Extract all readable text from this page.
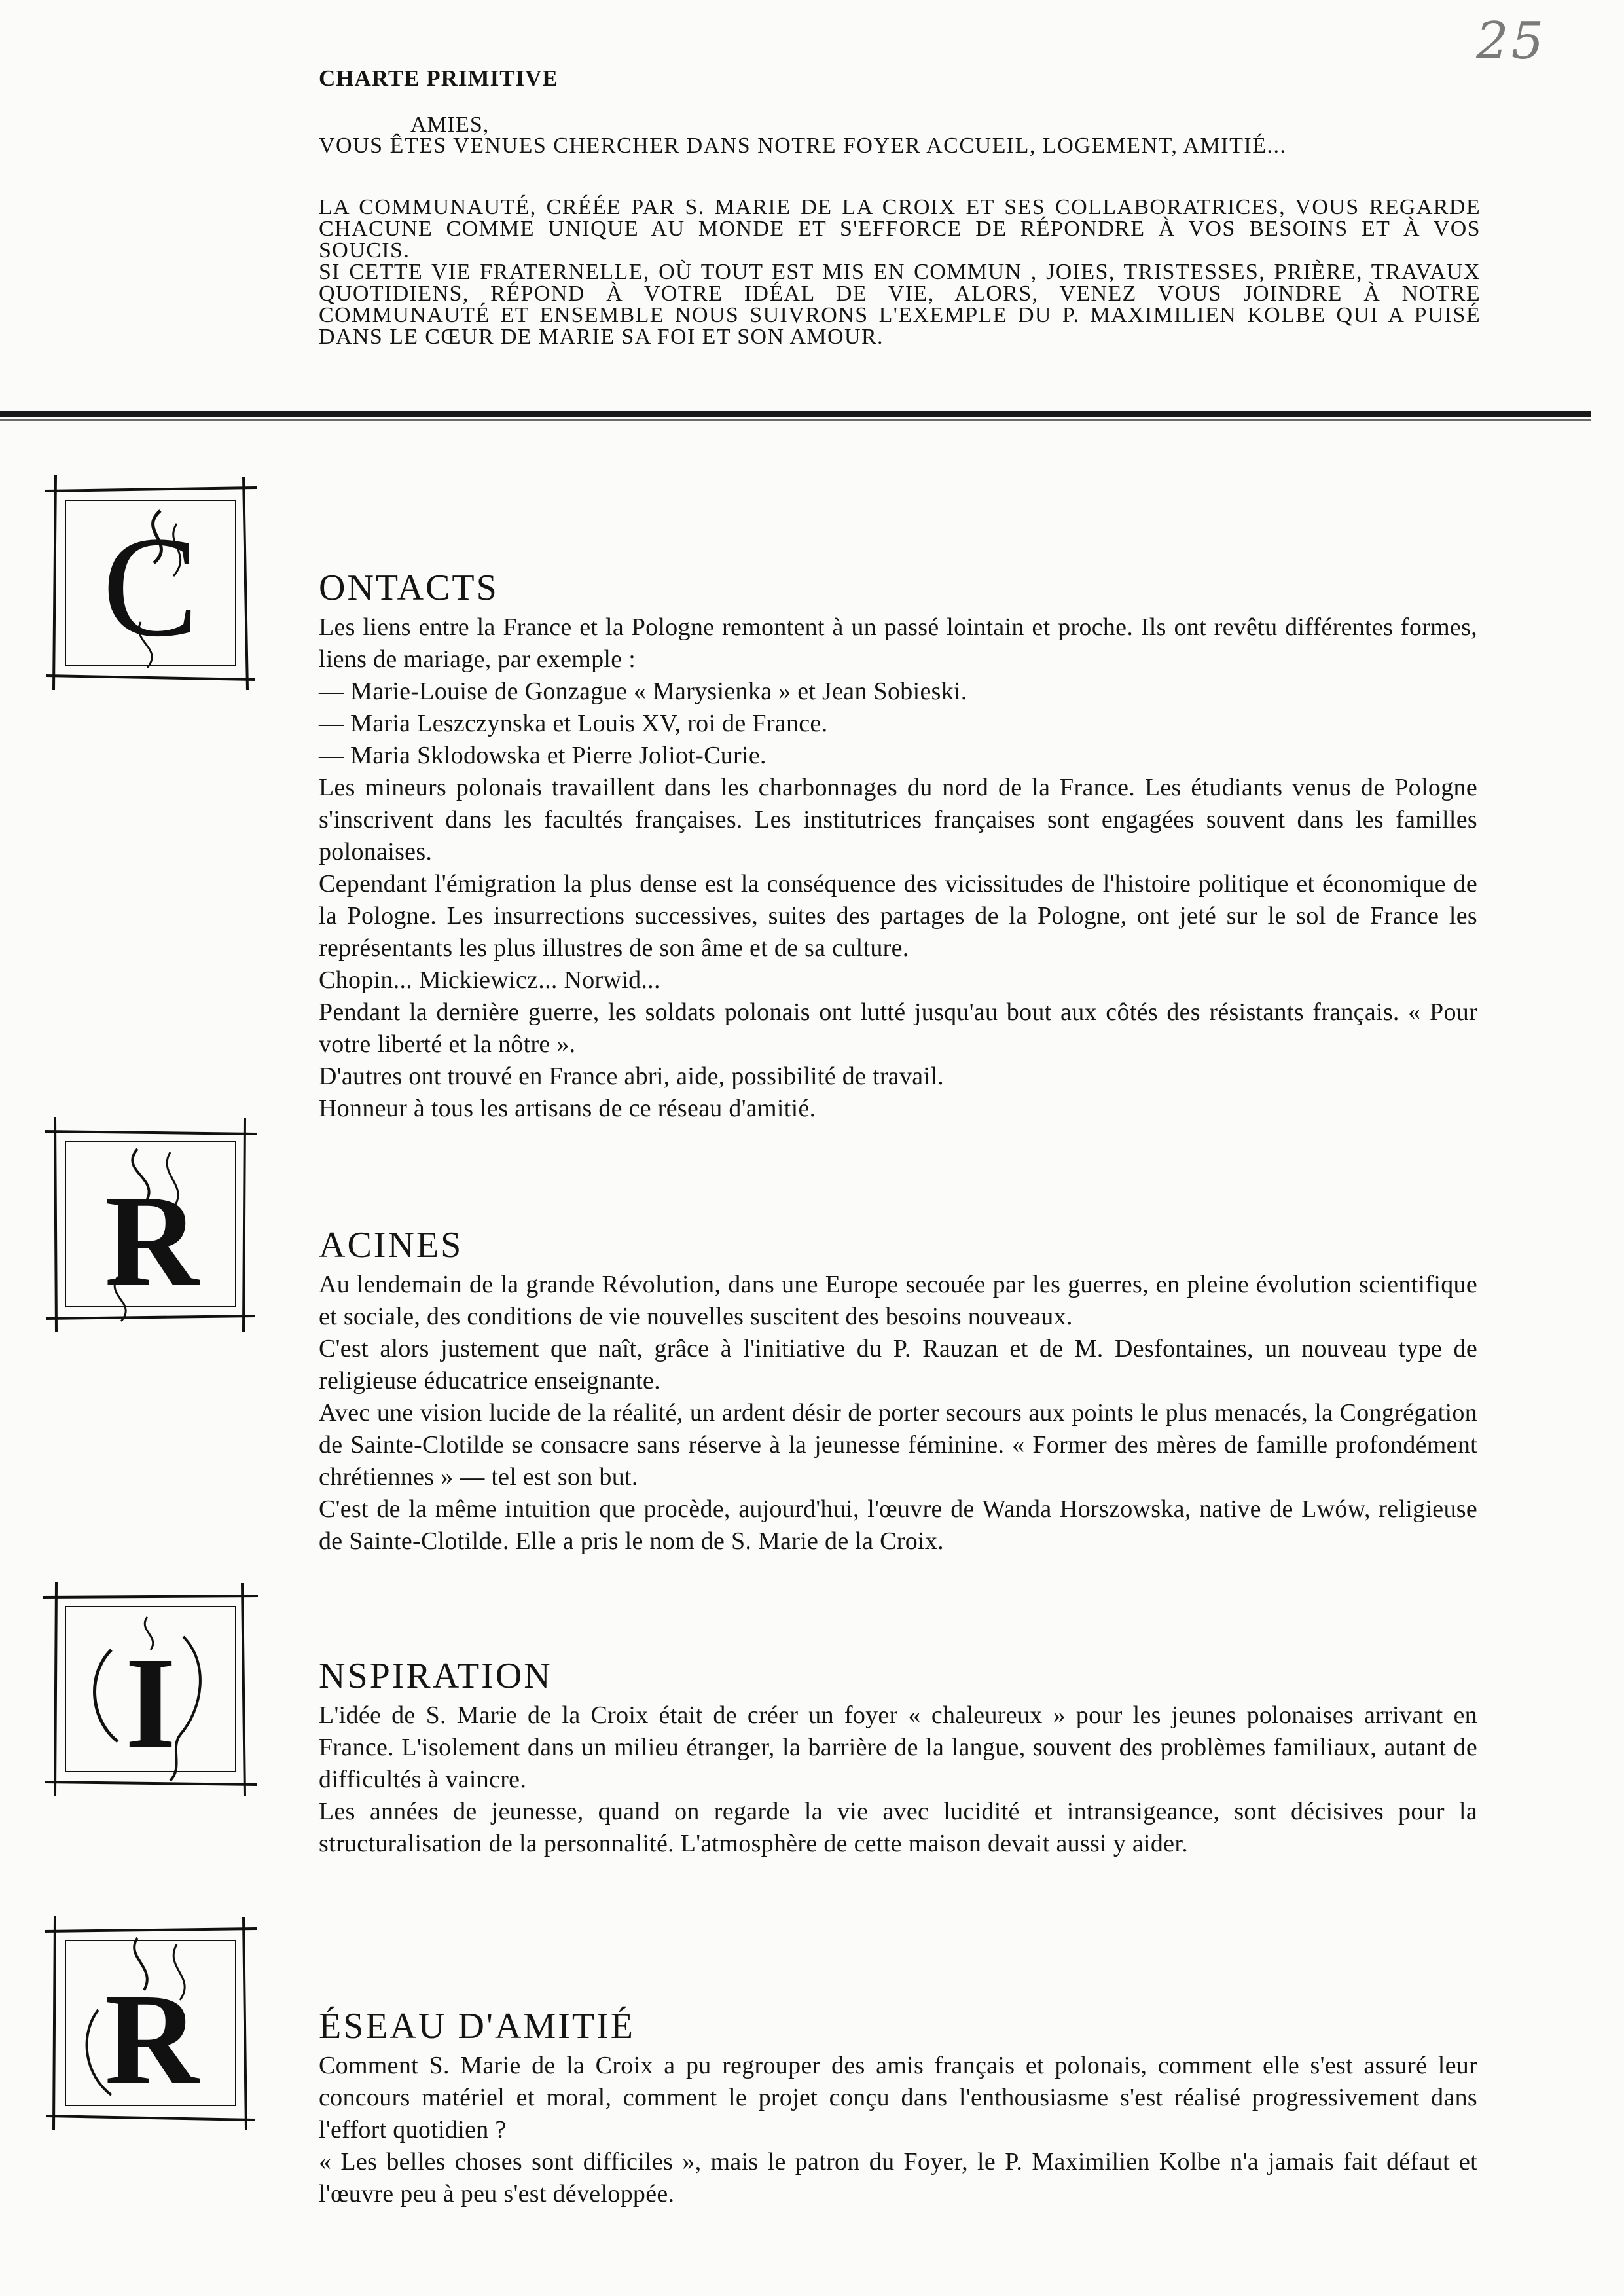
25
CHARTE PRIMITIVE
AMIES,
VOUS ÊTES VENUES CHERCHER DANS NOTRE FOYER ACCUEIL, LOGEMENT, AMITIÉ...

LA COMMUNAUTÉ, CRÉÉE PAR S. MARIE DE LA CROIX ET SES COLLABORATRICES, VOUS REGARDE CHACUNE COMME UNIQUE AU MONDE ET S'EFFORCE DE RÉPONDRE À VOS BESOINS ET À VOS SOUCIS.

SI CETTE VIE FRATERNELLE, OÙ TOUT EST MIS EN COMMUN , JOIES, TRISTESSES, PRIÈRE, TRAVAUX QUOTIDIENS, RÉPOND À VOTRE IDÉAL DE VIE, ALORS, VENEZ VOUS JOINDRE À NOTRE COMMUNAUTÉ ET ENSEMBLE NOUS SUIVRONS L'EXEMPLE DU P. MAXIMILIEN KOLBE QUI A PUISÉ DANS LE CŒUR DE MARIE SA FOI ET SON AMOUR.

C	ONTACTS

Les liens entre la France et la Pologne remontent à un passé lointain et proche. Ils ont revêtu différentes formes, liens de mariage, par exemple :

— Marie-Louise de Gonzague « Marysienka » et Jean Sobieski.

— Maria Leszczynska et Louis XV, roi de France.

— Maria Sklodowska et Pierre Joliot-Curie.

Les mineurs polonais travaillent dans les charbonnages du nord de la France. Les étudiants venus de Pologne s'inscrivent dans les facultés françaises. Les institutrices françaises sont engagées souvent dans les familles polonaises.

Cependant l'émigration la plus dense est la conséquence des vicissitudes de l'histoire politique et économique de la Pologne. Les insurrections successives, suites des partages de la Pologne, ont jeté sur le sol de France les représentants les plus illustres de son âme et de sa culture.

Chopin... Mickiewicz... Norwid...

Pendant la dernière guerre, les soldats polonais ont lutté jusqu'au bout aux côtés des résistants français. « Pour votre liberté et la nôtre ».

D'autres ont trouvé en France abri, aide, possibilité de travail.

Honneur à tous les artisans de ce réseau d'amitié.

R	ACINES

Au lendemain de la grande Révolution, dans une Europe secouée par les guerres, en pleine évolution scientifique et sociale, des conditions de vie nouvelles suscitent des besoins nouveaux.

C'est alors justement que naît, grâce à l'initiative du P. Rauzan et de M. Desfontaines, un nouveau type de religieuse éducatrice enseignante.

Avec une vision lucide de la réalité, un ardent désir de porter secours aux points le plus menacés, la Congrégation de Sainte-Clotilde se consacre sans réserve à la jeunesse féminine. « Former des mères de famille profondément chrétiennes » — tel est son but.

C'est de la même intuition que procède, aujourd'hui, l'œuvre de Wanda Horszowska, native de Lwów, religieuse de Sainte-Clotilde. Elle a pris le nom de S. Marie de la Croix.

I	NSPIRATION

L'idée de S. Marie de la Croix était de créer un foyer « chaleureux » pour les jeunes polonaises arrivant en France. L'isolement dans un milieu étranger, la barrière de la langue, souvent des problèmes familiaux, autant de difficultés à vaincre.

Les années de jeunesse, quand on regarde la vie avec lucidité et intransigeance, sont décisives pour la structuralisation de la personnalité. L'atmosphère de cette maison devait aussi y aider.

R	ÉSEAU D'AMITIÉ

Comment S. Marie de la Croix a pu regrouper des amis français et polonais, comment elle s'est assuré leur concours matériel et moral, comment le projet conçu dans l'enthousiasme s'est réalisé progressivement dans l'effort quotidien ?

« Les belles choses sont difficiles », mais le patron du Foyer, le P. Maximilien Kolbe n'a jamais fait défaut et l'œuvre peu à peu s'est développée.
